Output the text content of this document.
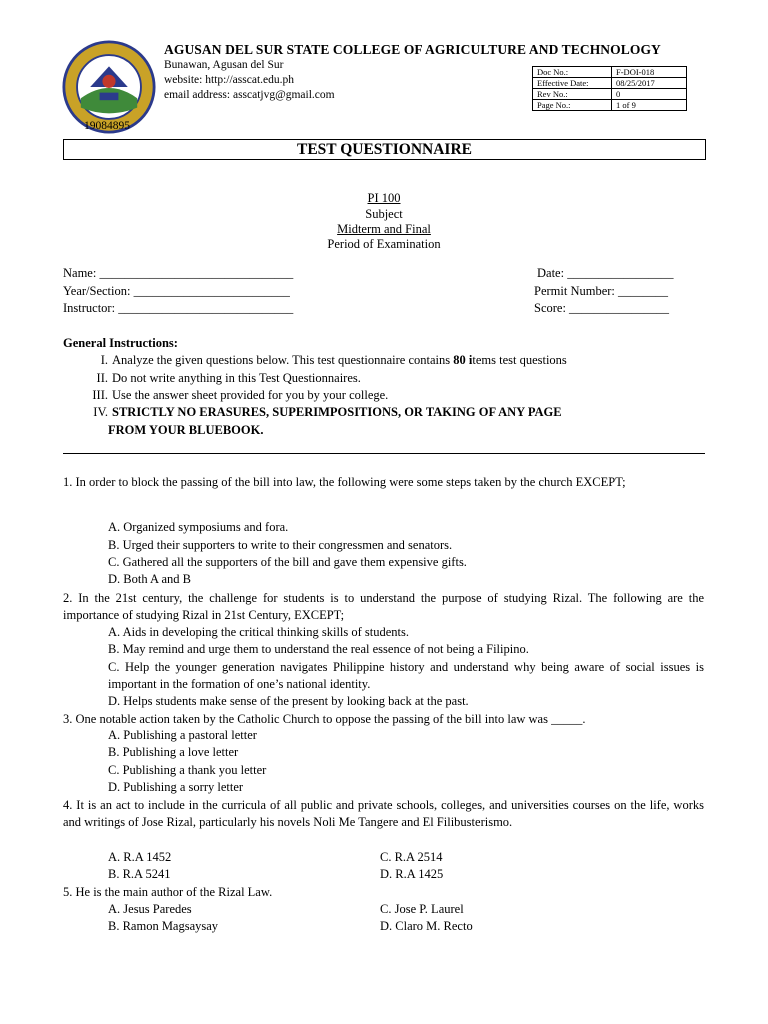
AGUSAN DEL SUR STATE COLLEGE OF AGRICULTURE AND TECHNOLOGY
Bunawan, Agusan del Sur
website: http://asscat.edu.ph
email address: asscatjvg@gmail.com
19084895
Doc No.:	F-DOI-018
Effective Date:	08/25/2017
Rev No.:	0
Page No.:	1 of 9
TEST QUESTIONNAIRE
PI 100
Subject
Midterm and Final
Period of Examination
Name: _______________________________
Year/Section: _________________________
Instructor: ____________________________
Date: _________________
Permit Number: ________
Score: ________________
General Instructions:
I. Analyze the given questions below. This test questionnaire contains 80 items test questions
II. Do not write anything in this Test Questionnaires.
III. Use the answer sheet provided for you by your college.
IV. STRICTLY NO ERASURES, SUPERIMPOSITIONS, OR TAKING OF ANY PAGE
FROM YOUR BLUEBOOK.
1. In order to block the passing of the bill into law, the following were some steps taken by the church EXCEPT;
A. Organized symposiums and fora.
B. Urged their supporters to write to their congressmen and senators.
C. Gathered all the supporters of the bill and gave them expensive gifts.
D. Both A and B
2. In the 21st century, the challenge for students is to understand the purpose of studying Rizal. The following are the importance of studying Rizal in 21st Century, EXCEPT;
A. Aids in developing the critical thinking skills of students.
B. May remind and urge them to understand the real essence of not being a Filipino.
C. Help the younger generation navigates Philippine history and understand why being aware of social issues is important in the formation of one’s national identity.
D. Helps students make sense of the present by looking back at the past.
3. One notable action taken by the Catholic Church to oppose the passing of the bill into law was _____.
A. Publishing a pastoral letter
B. Publishing a love letter
C. Publishing a thank you letter
D. Publishing a sorry letter
4. It is an act to include in the curricula of all public and private schools, colleges, and universities courses on the life, works and writings of Jose Rizal, particularly his novels Noli Me Tangere and El Filibusterismo.
A. R.A 1452	C. R.A 2514
B. R.A 5241	D. R.A 1425
5. He is the main author of the Rizal Law.
A. Jesus Paredes	C. Jose P. Laurel
B. Ramon Magsaysay	D. Claro M. Recto
